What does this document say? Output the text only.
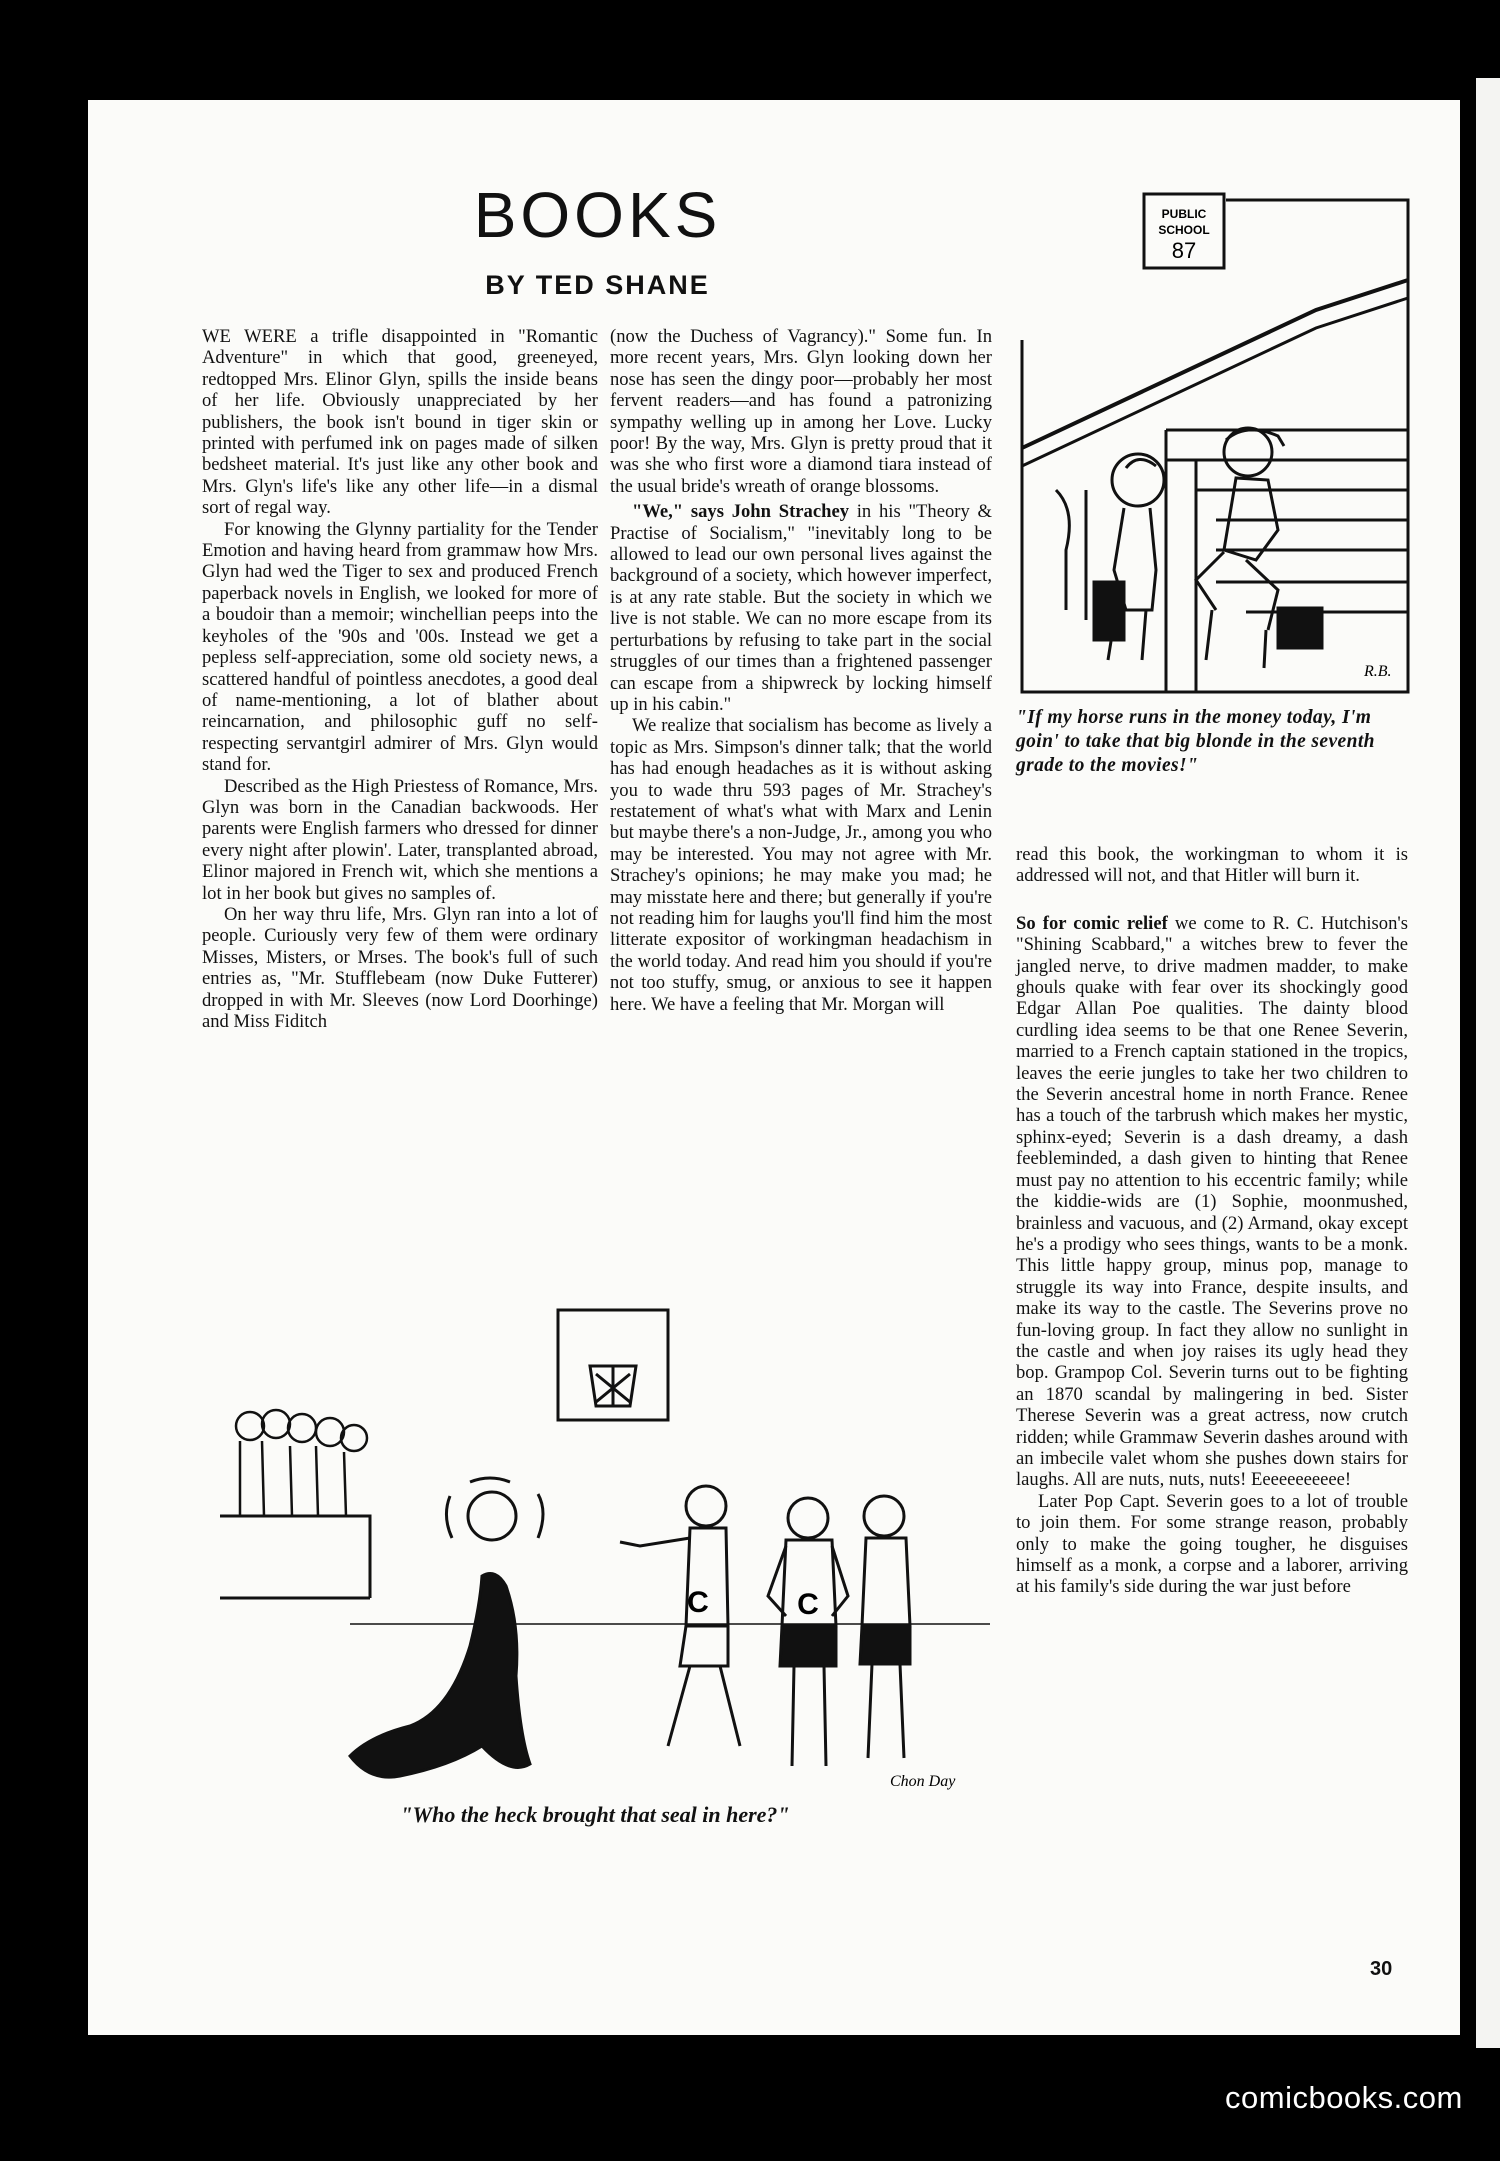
BOOKS
BY TED SHANE

WE WERE a trifle disappointed in "Romantic Adventure" in which that good, greeneyed, redtopped Mrs. Elinor Glyn, spills the inside beans of her life. Obviously unappreciated by her publishers, the book isn't bound in tiger skin or printed with perfumed ink on pages made of silken bedsheet material. It's just like any other book and Mrs. Glyn's life's like any other life—in a dismal sort of regal way.

For knowing the Glynny partiality for the Tender Emotion and having heard from grammaw how Mrs. Glyn had wed the Tiger to sex and produced French paperback novels in English, we looked for more of a boudoir than a memoir; winchellian peeps into the keyholes of the '90s and '00s. Instead we get a pepless self-appreciation, some old society news, a scattered handful of pointless anecdotes, a good deal of name-mentioning, a lot of blather about reincarnation, and philosophic guff no self-respecting servantgirl admirer of Mrs. Glyn would stand for.

Described as the High Priestess of Romance, Mrs. Glyn was born in the Canadian backwoods. Her parents were English farmers who dressed for dinner every night after plowin'. Later, transplanted abroad, Elinor majored in French wit, which she mentions a lot in her book but gives no samples of.

On her way thru life, Mrs. Glyn ran into a lot of people. Curiously very few of them were ordinary Misses, Misters, or Mrses. The book's full of such entries as, "Mr. Stufflebeam (now Duke Futterer) dropped in with Mr. Sleeves (now Lord Doorhinge) and Miss Fiditch

(now the Duchess of Vagrancy)." Some fun. In more recent years, Mrs. Glyn looking down her nose has seen the dingy poor—probably her most fervent readers—and has found a patronizing sympathy welling up in among her Love. Lucky poor! By the way, Mrs. Glyn is pretty proud that it was she who first wore a diamond tiara instead of the usual bride's wreath of orange blossoms.

"We," says John Strachey in his "Theory & Practise of Socialism," "inevitably long to be allowed to lead our own personal lives against the background of a society, which however imperfect, is at any rate stable. But the society in which we live is not stable. We can no more escape from its perturbations by refusing to take part in the social struggles of our times than a frightened passenger can escape from a shipwreck by locking himself up in his cabin."

We realize that socialism has become as lively a topic as Mrs. Simpson's dinner talk; that the world has had enough headaches as it is without asking you to wade thru 593 pages of Mr. Strachey's restatement of what's what with Marx and Lenin but maybe there's a non-Judge, Jr., among you who may be interested. You may not agree with Mr. Strachey's opinions; he may make you mad; he may misstate here and there; but generally if you're not reading him for laughs you'll find him the most litterate expositor of workingman headachism in the world today. And read him you should if you're not too stuffy, smug, or anxious to see it happen here. We have a feeling that Mr. Morgan will

read this book, the workingman to whom it is addressed will not, and that Hitler will burn it.

So for comic relief we come to R. C. Hutchison's "Shining Scabbard," a witches brew to fever the jangled nerve, to drive madmen madder, to make ghouls quake with fear over its shockingly good Edgar Allan Poe qualities. The dainty blood curdling idea seems to be that one Renee Severin, married to a French captain stationed in the tropics, leaves the eerie jungles to take her two children to the Severin ancestral home in north France. Renee has a touch of the tarbrush which makes her mystic, sphinx-eyed; Severin is a dash dreamy, a dash feebleminded, a dash given to hinting that Renee must pay no attention to his eccentric family; while the kiddie-wids are (1) Sophie, moonmushed, brainless and vacuous, and (2) Armand, okay except he's a prodigy who sees things, wants to be a monk. This little happy group, minus pop, manage to struggle its way into France, despite insults, and make its way to the castle. The Severins prove no fun-loving group. In fact they allow no sunlight in the castle and when joy raises its ugly head they bop. Grampop Col. Severin turns out to be fighting an 1870 scandal by malingering in bed. Sister Therese Severin was a great actress, now crutch ridden; while Grammaw Severin dashes around with an imbecile valet whom she pushes down stairs for laughs. All are nuts, nuts, nuts! Eeeeeeeeeee!

Later Pop Capt. Severin goes to a lot of trouble to join them. For some strange reason, probably only to make the going tougher, he disguises himself as a monk, a corpse and a laborer, arriving at his family's side during the war just before

PUBLIC
SCHOOL
87
R.B.
"If my horse runs in the money today, I'm goin' to take that big blonde in the seventh grade to the movies!"
C	C
Chon Day
"Who the heck brought that seal in here?"
30
comicbooks.com
